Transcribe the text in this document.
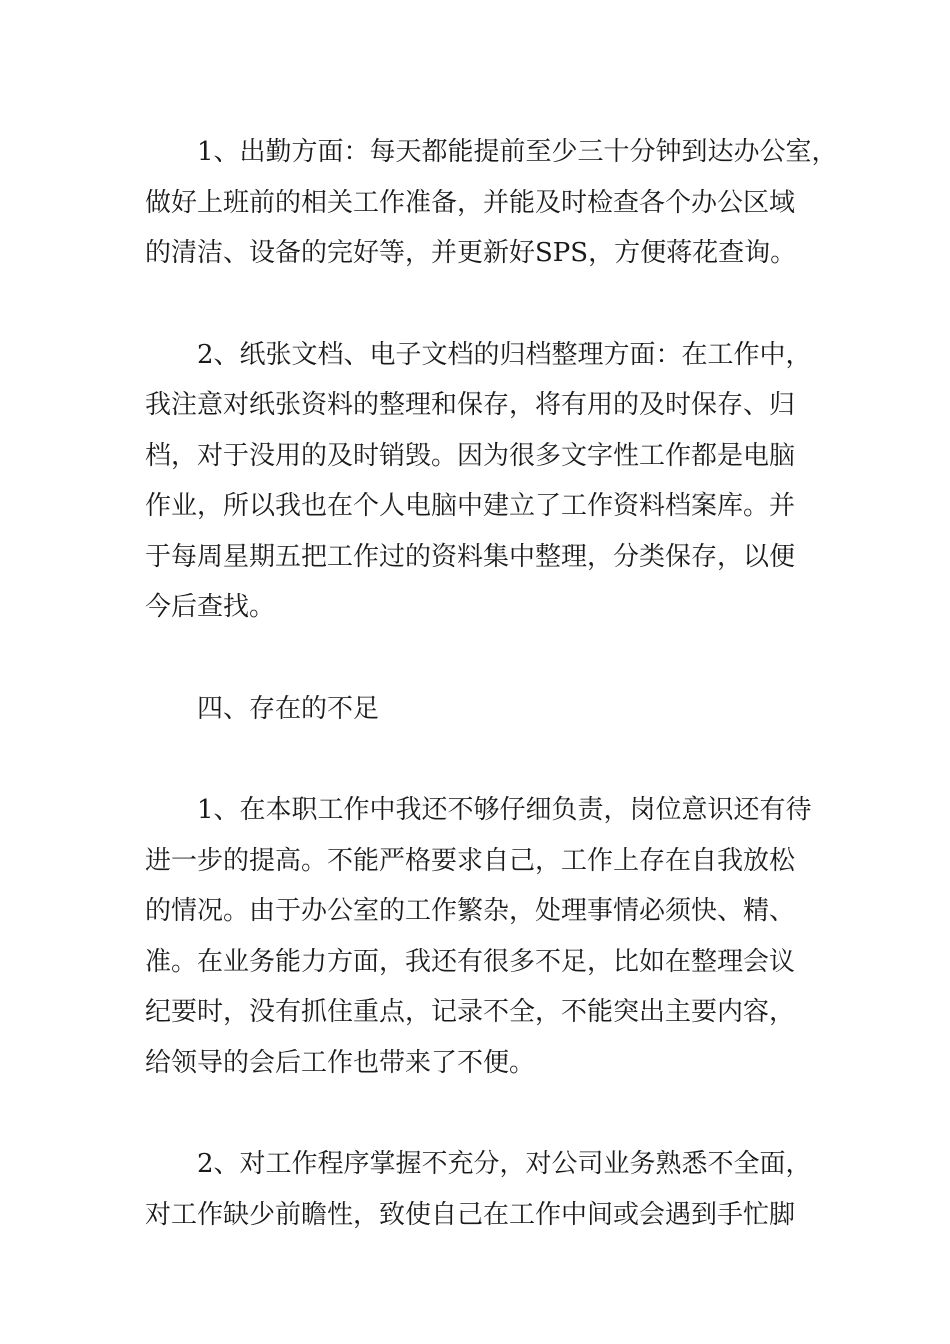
1、出勤方面：每天都能提前至少三十分钟到达办公室，
做好上班前的相关工作准备，并能及时检查各个办公区域
的清洁、设备的完好等，并更新好SPS，方便蒋花查询。
2、纸张文档、电子文档的归档整理方面：在工作中，
我注意对纸张资料的整理和保存，将有用的及时保存、归
档，对于没用的及时销毁。因为很多文字性工作都是电脑
作业，所以我也在个人电脑中建立了工作资料档案库。并
于每周星期五把工作过的资料集中整理，分类保存，以便
今后查找。
四、存在的不足
1、在本职工作中我还不够仔细负责，岗位意识还有待
进一步的提高。不能严格要求自己，工作上存在自我放松
的情况。由于办公室的工作繁杂，处理事情必须快、精、
准。在业务能力方面，我还有很多不足，比如在整理会议
纪要时，没有抓住重点，记录不全，不能突出主要内容，
给领导的会后工作也带来了不便。
2、对工作程序掌握不充分，对公司业务熟悉不全面，
对工作缺少前瞻性，致使自己在工作中间或会遇到手忙脚
